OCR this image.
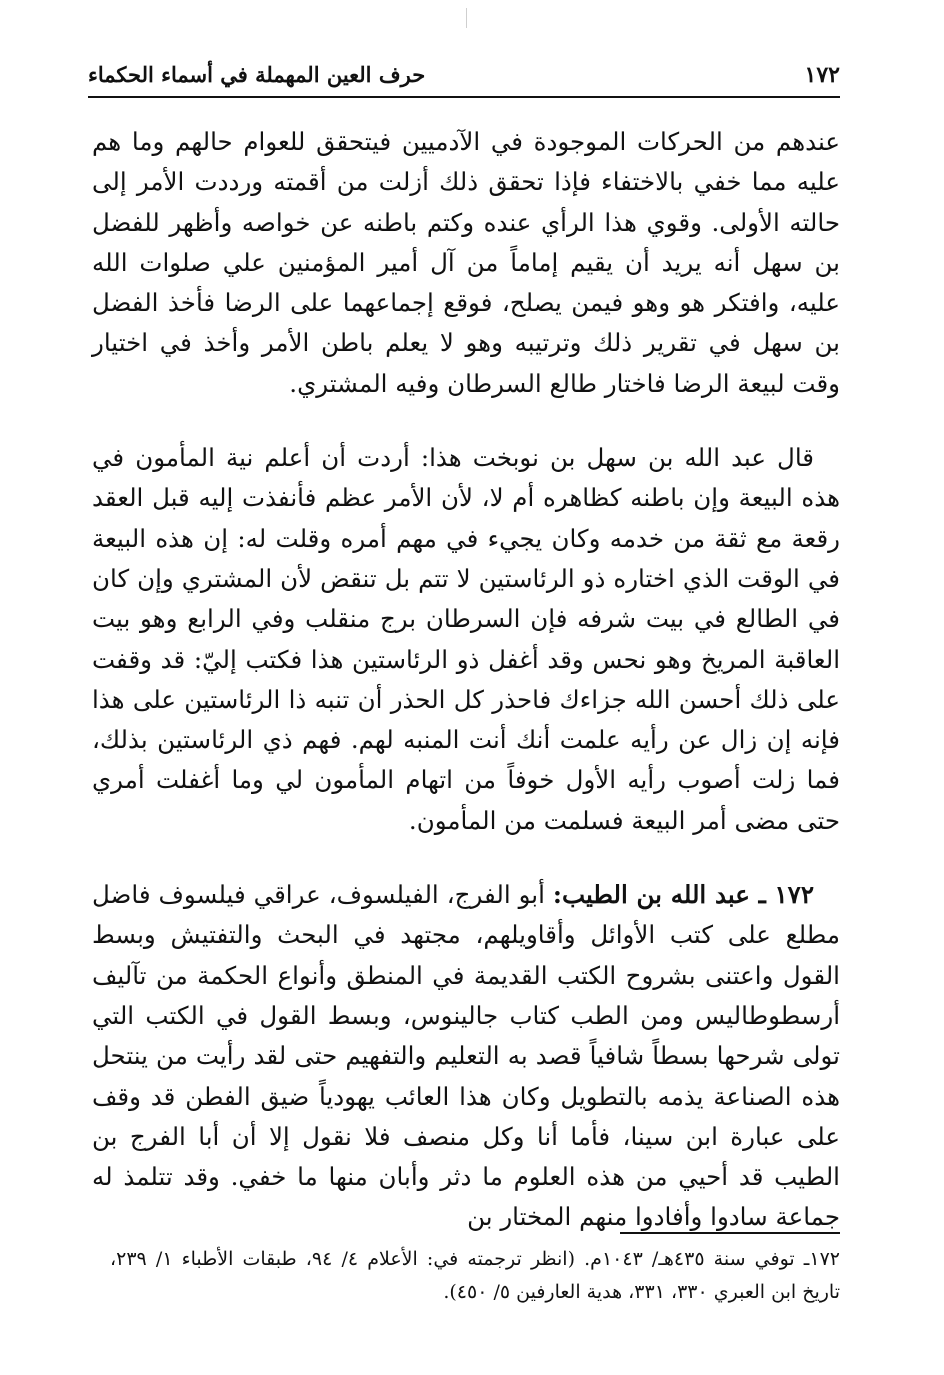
١٧٢
حرف العين المهملة في أسماء الحكماء

عندهم من الحركات الموجودة في الآدميين فيتحقق للعوام حالهم وما هم عليه مما خفي بالاختفاء فإذا تحقق ذلك أزلت من أقمته ورددت الأمر إلى حالته الأولى. وقوي هذا الرأي عنده وكتم باطنه عن خواصه وأظهر للفضل بن سهل أنه يريد أن يقيم إماماً من آل أمير المؤمنين علي صلوات الله عليه، وافتكر هو وهو فيمن يصلح، فوقع إجماعهما على الرضا فأخذ الفضل بن سهل في تقرير ذلك وترتيبه وهو لا يعلم باطن الأمر وأخذ في اختيار وقت لبيعة الرضا فاختار طالع السرطان وفيه المشتري.

قال عبد الله بن سهل بن نوبخت هذا: أردت أن أعلم نية المأمون في هذه البيعة وإن باطنه كظاهره أم لا، لأن الأمر عظم فأنفذت إليه قبل العقد رقعة مع ثقة من خدمه وكان يجيء في مهم أمره وقلت له: إن هذه البيعة في الوقت الذي اختاره ذو الرئاستين لا تتم بل تنقض لأن المشتري وإن كان في الطالع في بيت شرفه فإن السرطان برج منقلب وفي الرابع وهو بيت العاقبة المريخ وهو نحس وقد أغفل ذو الرئاستين هذا فكتب إليّ: قد وقفت على ذلك أحسن الله جزاءك فاحذر كل الحذر أن تنبه ذا الرئاستين على هذا فإنه إن زال عن رأيه علمت أنك أنت المنبه لهم. فهم ذي الرئاستين بذلك، فما زلت أصوب رأيه الأول خوفاً من اتهام المأمون لي وما أغفلت أمري حتى مضى أمر البيعة فسلمت من المأمون.

١٧٢ ـ عبد الله بن الطيب: أبو الفرج، الفيلسوف، عراقي فيلسوف فاضل مطلع على كتب الأوائل وأقاويلهم، مجتهد في البحث والتفتيش وبسط القول واعتنى بشروح الكتب القديمة في المنطق وأنواع الحكمة من تآليف أرسطوطاليس ومن الطب كتاب جالينوس، وبسط القول في الكتب التي تولى شرحها بسطاً شافياً قصد به التعليم والتفهيم حتى لقد رأيت من ينتحل هذه الصناعة يذمه بالتطويل وكان هذا العائب يهودياً ضيق الفطن قد وقف على عبارة ابن سينا، فأما أنا وكل منصف فلا نقول إلا أن أبا الفرج بن الطيب قد أحيي من هذه العلوم ما دثر وأبان منها ما خفي. وقد تتلمذ له جماعة سادوا وأفادوا منهم المختار بن

١٧٢ـ توفي سنة ٤٣٥هـ/ ١٠٤٣م. (انظر ترجمته في: الأعلام ٤/ ٩٤، طبقات الأطباء ١/ ٢٣٩، تاريخ ابن العبري ٣٣٠، ٣٣١، هدية العارفين ٥/ ٤٥٠).
